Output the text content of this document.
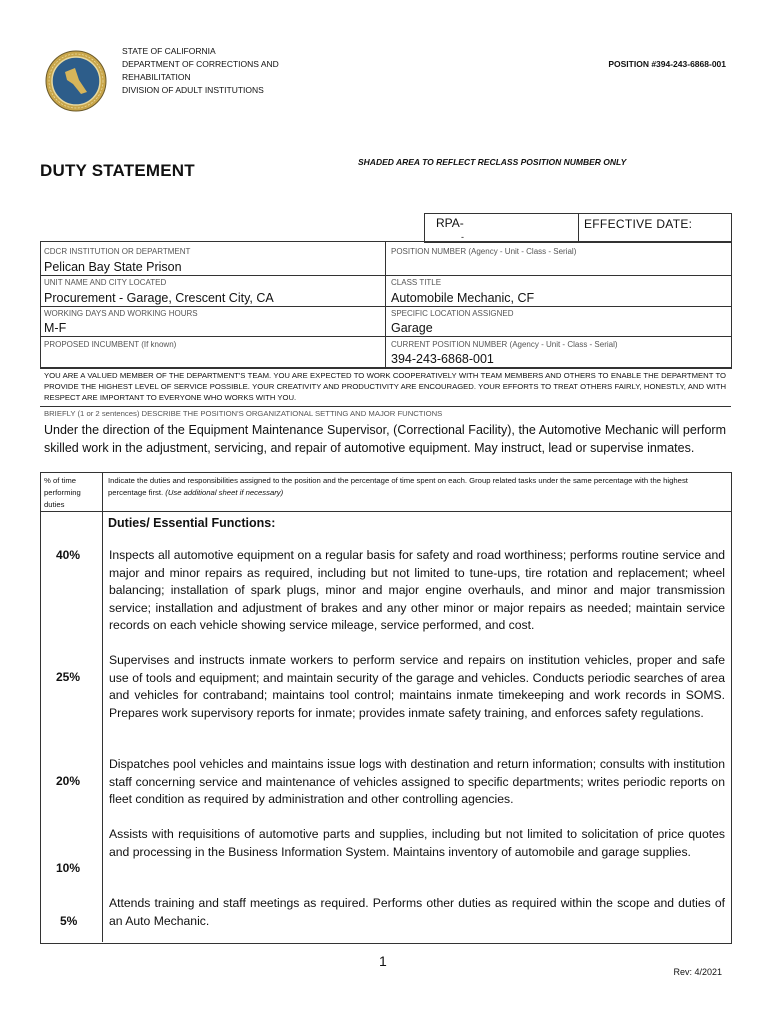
STATE OF CALIFORNIA
DEPARTMENT OF CORRECTIONS AND
REHABILITATION
DIVISION OF ADULT INSTITUTIONS
POSITION #394-243-6868-001
DUTY STATEMENT	SHADED AREA TO REFLECT RECLASS POSITION NUMBER ONLY
RPA-
-
EFFECTIVE DATE:
CDCR INSTITUTION OR DEPARTMENT
Pelican Bay State Prison
POSITION NUMBER (Agency - Unit - Class - Serial)
UNIT NAME AND CITY LOCATED
Procurement - Garage, Crescent City, CA
CLASS TITLE
Automobile Mechanic, CF
WORKING DAYS AND WORKING HOURS
M-F
SPECIFIC LOCATION ASSIGNED
Garage
PROPOSED INCUMBENT (If known)	CURRENT POSITION NUMBER (Agency - Unit - Class - Serial)
394-243-6868-001
YOU ARE A VALUED MEMBER OF THE DEPARTMENT'S TEAM. YOU ARE EXPECTED TO WORK COOPERATIVELY WITH TEAM MEMBERS AND OTHERS TO ENABLE THE DEPARTMENT TO PROVIDE THE HIGHEST LEVEL OF SERVICE POSSIBLE. YOUR CREATIVITY AND PRODUCTIVITY ARE ENCOURAGED. YOUR EFFORTS TO TREAT OTHERS FAIRLY, HONESTLY, AND WITH RESPECT ARE IMPORTANT TO EVERYONE WHO WORKS WITH YOU.
BRIEFLY (1 or 2 sentences) DESCRIBE THE POSITION'S ORGANIZATIONAL SETTING AND MAJOR FUNCTIONS
Under the direction of the Equipment Maintenance Supervisor, (Correctional Facility), the Automotive Mechanic will perform skilled work in the adjustment, servicing, and repair of automotive equipment. May instruct, lead or supervise inmates.
% of time performing duties
Indicate the duties and responsibilities assigned to the position and the percentage of time spent on each. Group related tasks under the same percentage with the highest percentage first. (Use additional sheet if necessary)
Duties/ Essential Functions:
40% Inspects all automotive equipment on a regular basis for safety and road worthiness; performs routine service and major and minor repairs as required, including but not limited to tune-ups, tire rotation and replacement; wheel balancing; installation of spark plugs, minor and major engine overhauls, and minor and major transmission service; installation and adjustment of brakes and any other minor or major repairs as needed; maintain service records on each vehicle showing service mileage, service performed, and cost.
25%
Supervises and instructs inmate workers to perform service and repairs on institution vehicles, proper and safe use of tools and equipment; and maintain security of the garage and vehicles. Conducts periodic searches of area and vehicles for contraband; maintains tool control; maintains inmate timekeeping and work records in SOMS. Prepares work supervisory reports for inmate; provides inmate safety training, and enforces safety regulations.
20%
Dispatches pool vehicles and maintains issue logs with destination and return information; consults with institution staff concerning service and maintenance of vehicles assigned to specific departments; writes periodic reports on fleet condition as required by administration and other controlling agencies.
10%
Assists with requisitions of automotive parts and supplies, including but not limited to solicitation of price quotes and processing in the Business Information System. Maintains inventory of automobile and garage supplies.
5%
Attends training and staff meetings as required. Performs other duties as required within the scope and duties of an Auto Mechanic.
1
Rev: 4/2021
